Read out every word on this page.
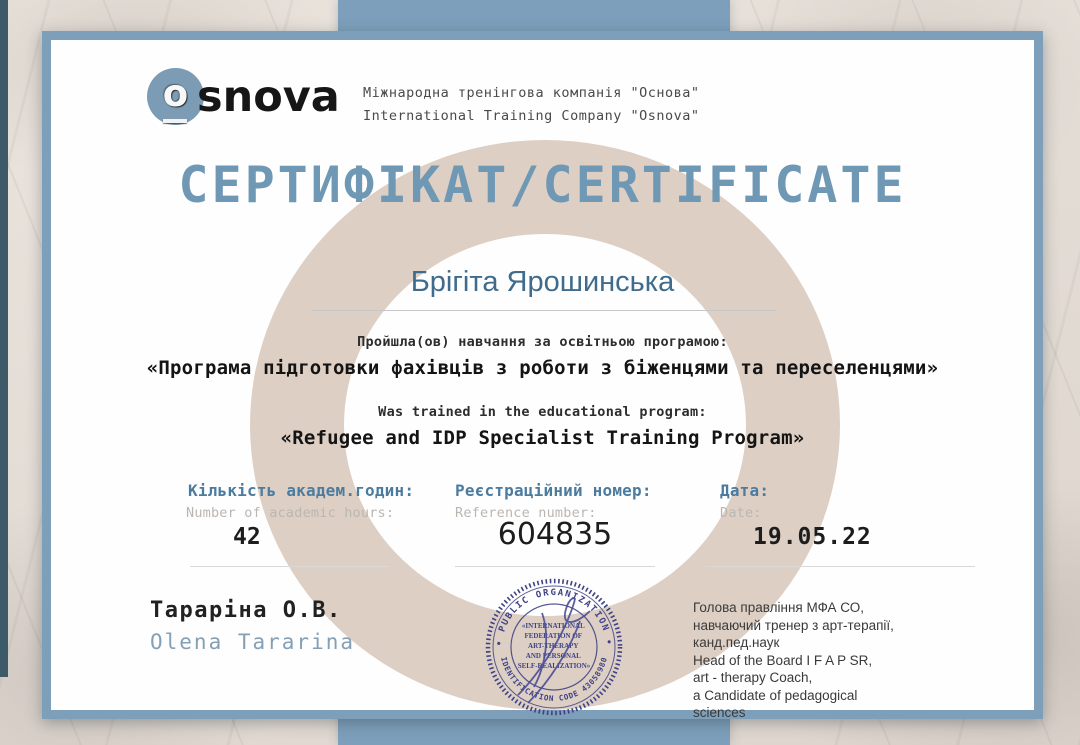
o snova Міжнародна тренінгова компанія "Основа"
International Training Company "Osnova"
СЕРТИФІКАТ/CERTIFICATE
Брігіта Ярошинська
Пройшла(ов) навчання за освітньою програмою:
«Програма підготовки фахівців з роботи з біженцями та переселенцями»
Was trained in the educational program:
«Refugee and IDP Specialist Training Program»
Кількість академ.годин:
Number of academic hours:
42
Реєстраційний номер:
Reference number:
604835
Дата:
Date:
19.05.22
Тараріна О.В.
Olena Tararina
Голова правління МФА СО,
навчаючий тренер з арт-терапії,
канд.пед.наук
Head of the Board I F A P SR,
art - therapy Coach,
a Candidate of pedagogical
sciences
• PUBLIC ORGANIZATION •
IDENTIFICATION CODE 43058980
«INTERNATIONAL FEDERATION OF ART-THERAPY AND PERSONAL SELF-REALIZATION»
